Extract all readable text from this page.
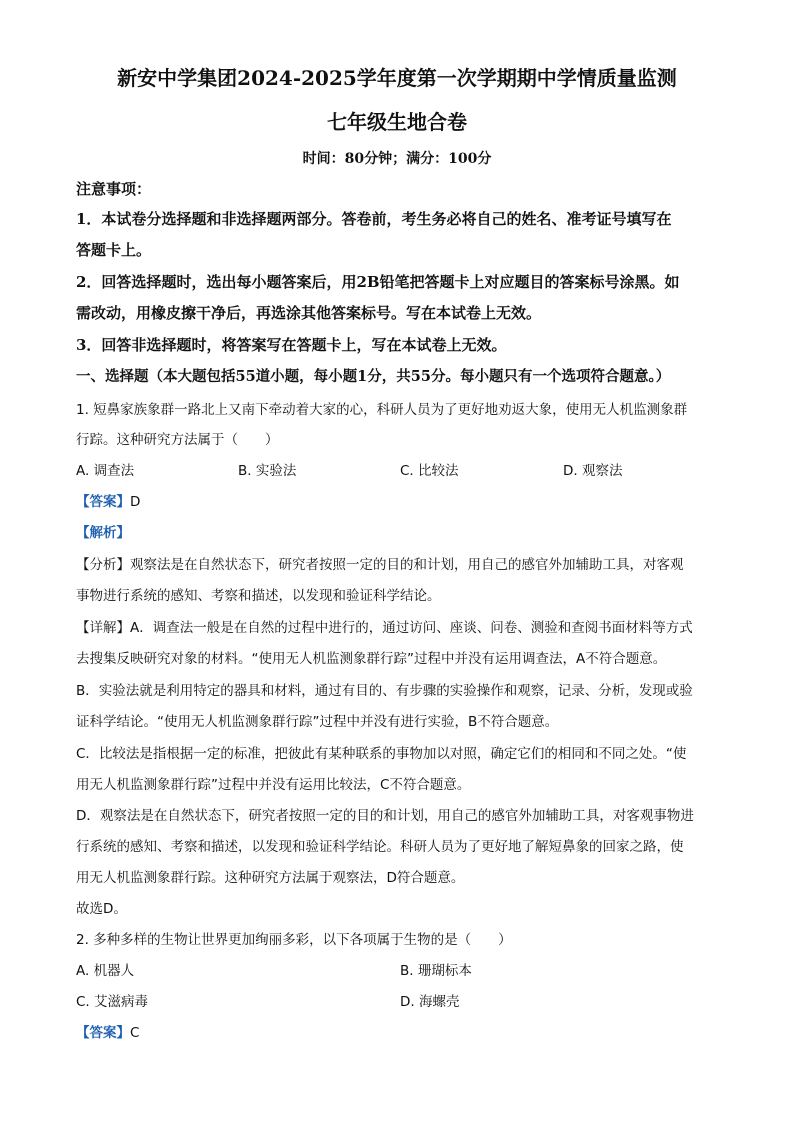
新安中学集团2024-2025学年度第一次学期期中学情质量监测
七年级生地合卷
时间：80分钟；满分：100分
注意事项：
1．本试卷分选择题和非选择题两部分。答卷前，考生务必将自己的姓名、准考证号填写在
答题卡上。
2．回答选择题时，选出每小题答案后，用2B铅笔把答题卡上对应题目的答案标号涂黑。如
需改动，用橡皮擦干净后，再选涂其他答案标号。写在本试卷上无效。
3．回答非选择题时，将答案写在答题卡上，写在本试卷上无效。
一、选择题（本大题包括55道小题，每小题1分，共55分。每小题只有一个选项符合题意。）
1. 短鼻家族象群一路北上又南下牵动着大家的心，科研人员为了更好地劝返大象，使用无人机监测象群
行踪。这种研究方法属于（　　）
A. 调查法	B. 实验法	C. 比较法	D. 观察法
【答案】D
【解析】
【分析】观察法是在自然状态下，研究者按照一定的目的和计划，用自己的感官外加辅助工具，对客观
事物进行系统的感知、考察和描述，以发现和验证科学结论。
【详解】A．调查法一般是在自然的过程中进行的，通过访问、座谈、问卷、测验和查阅书面材料等方式
去搜集反映研究对象的材料。“使用无人机监测象群行踪”过程中并没有运用调查法，A不符合题意。
B．实验法就是利用特定的器具和材料，通过有目的、有步骤的实验操作和观察，记录、分析，发现或验
证科学结论。“使用无人机监测象群行踪”过程中并没有进行实验，B不符合题意。
C．比较法是指根据一定的标准，把彼此有某种联系的事物加以对照，确定它们的相同和不同之处。“使
用无人机监测象群行踪”过程中并没有运用比较法，C不符合题意。
D．观察法是在自然状态下，研究者按照一定的目的和计划，用自己的感官外加辅助工具，对客观事物进
行系统的感知、考察和描述，以发现和验证科学结论。科研人员为了更好地了解短鼻象的回家之路，使
用无人机监测象群行踪。这种研究方法属于观察法，D符合题意。
故选D。
2. 多种多样的生物让世界更加绚丽多彩，以下各项属于生物的是（　　）
A. 机器人	B. 珊瑚标本
C. 艾滋病毒	D. 海螺壳
【答案】C
